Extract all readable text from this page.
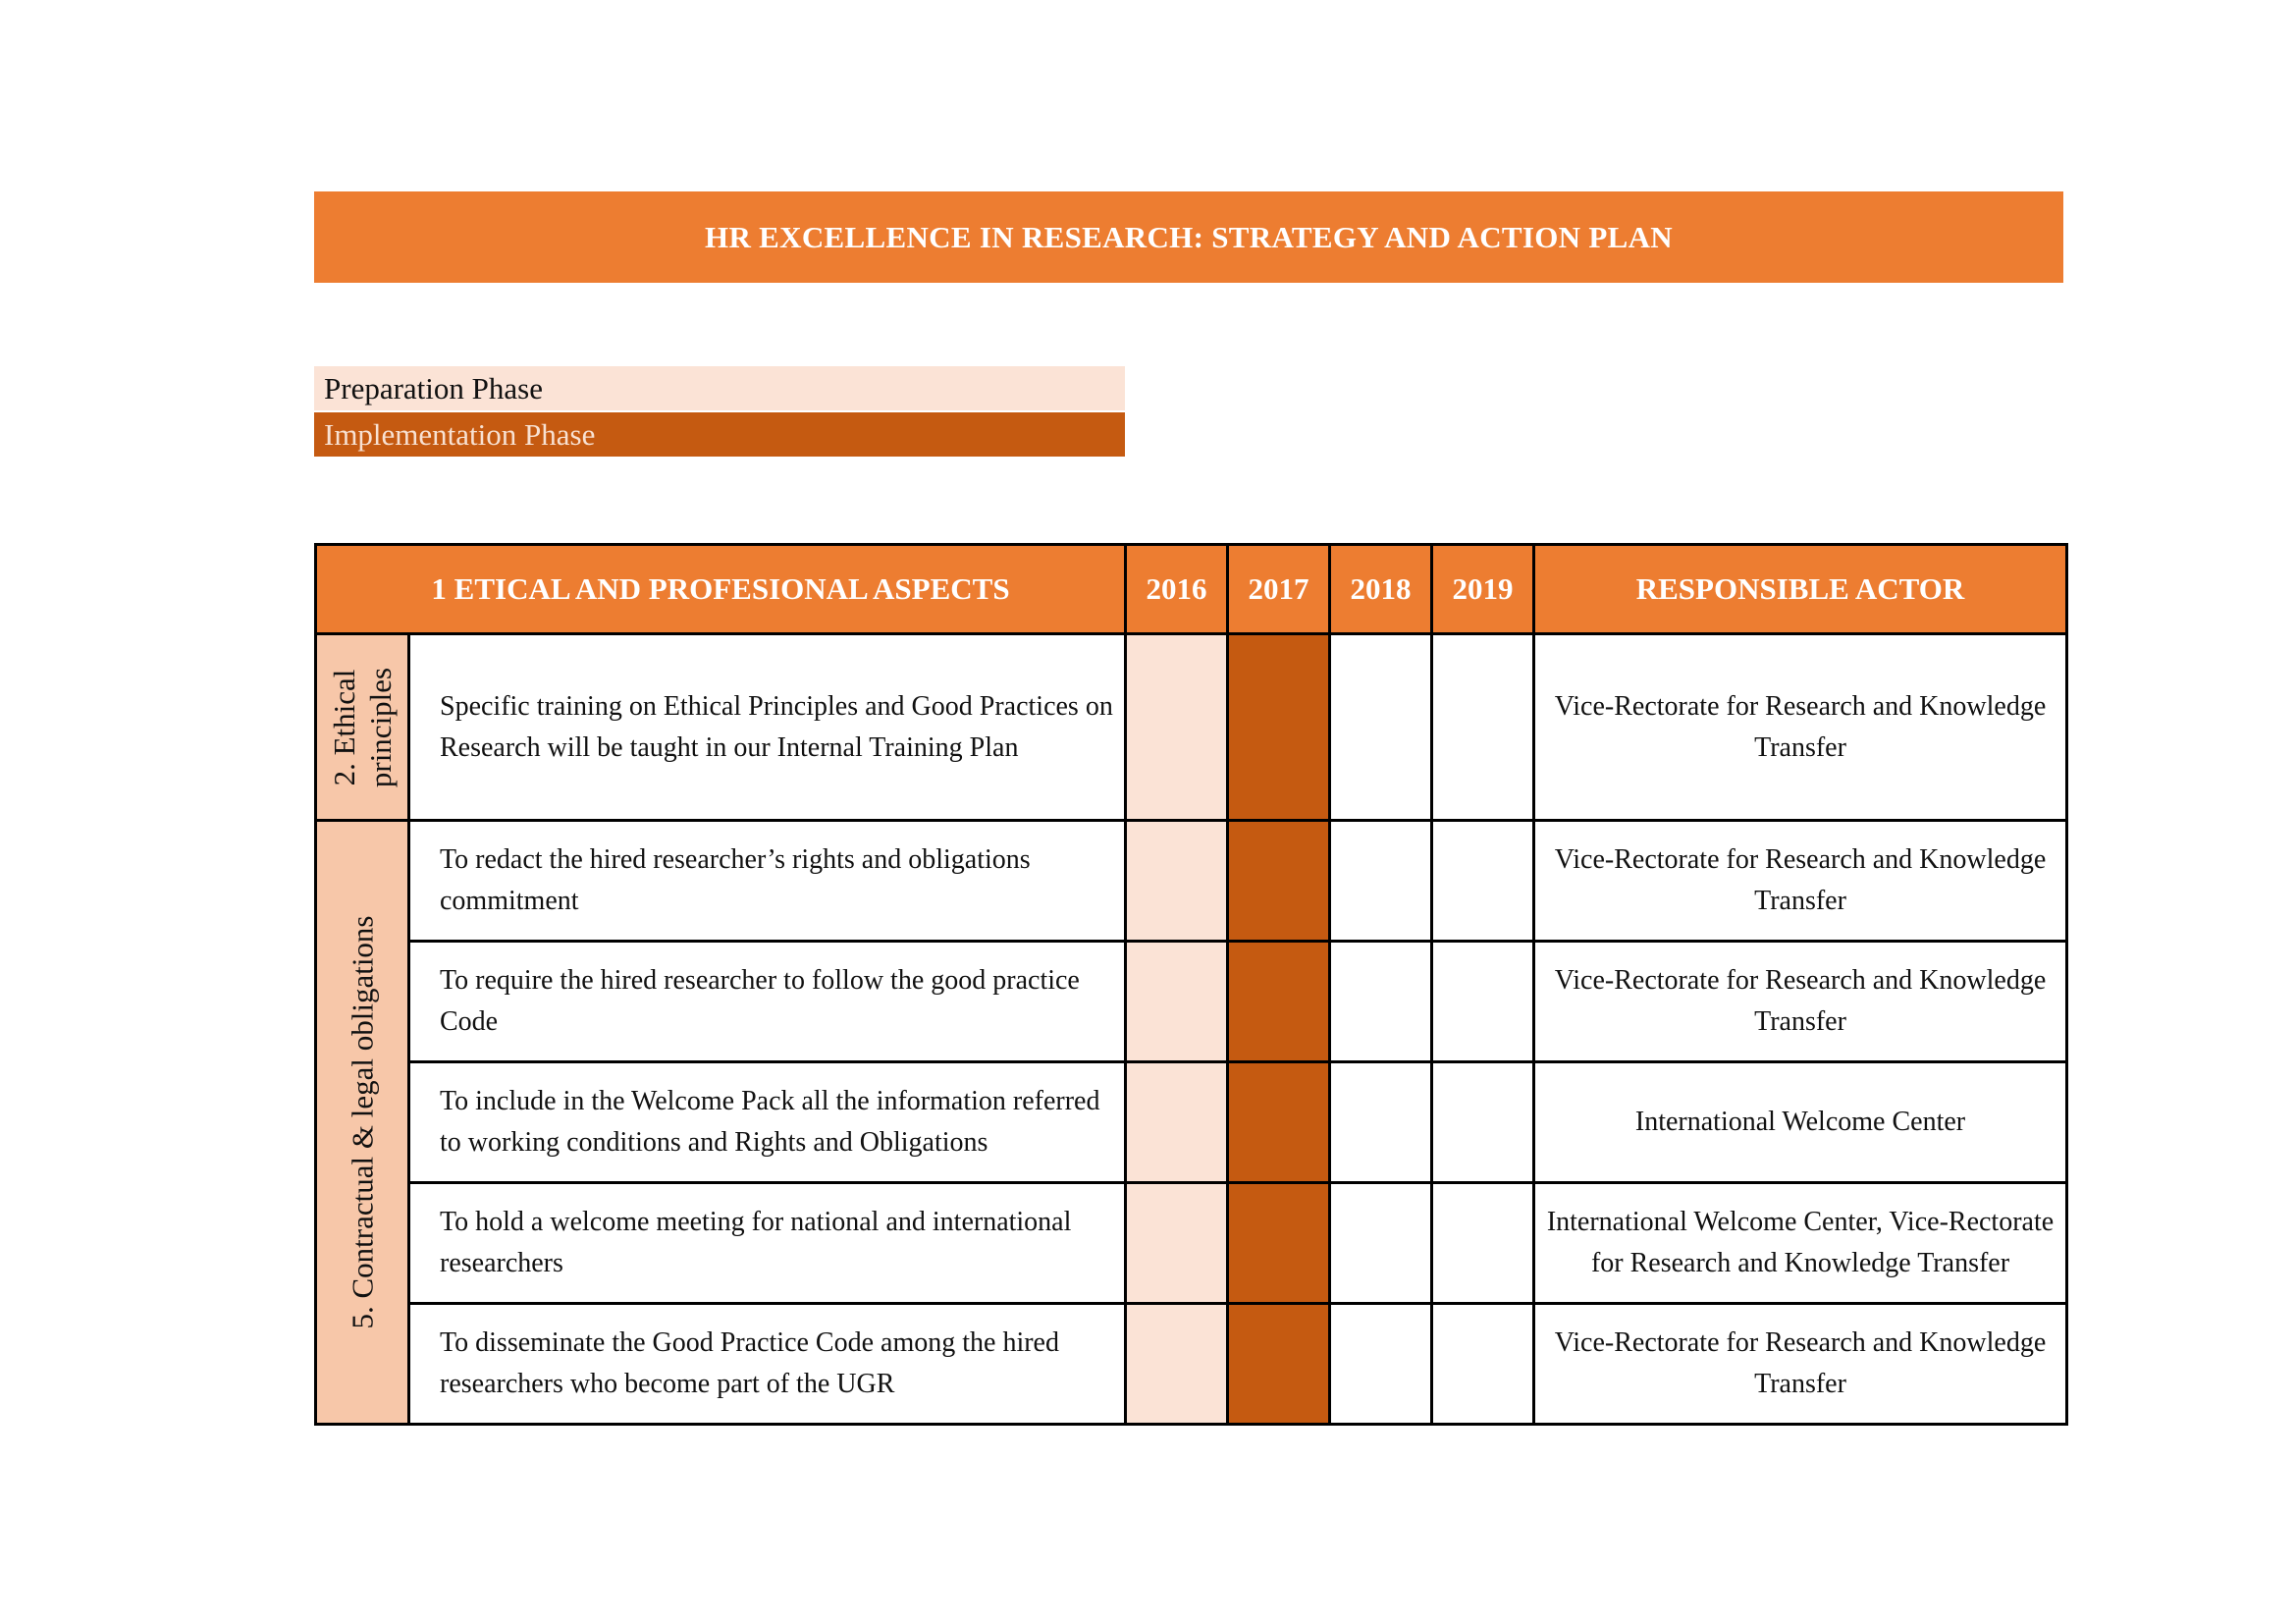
HR EXCELLENCE IN RESEARCH: STRATEGY AND ACTION PLAN
Preparation Phase
Implementation Phase
1 ETICAL AND PROFESIONAL ASPECTS		2016	2017	2018	2019	RESPONSIBLE ACTOR

2. Ethical
principles	Specific training on Ethical Principles and Good Practices on Research will be taught in our Internal Training Plan					Vice-Rectorate for Research and Knowledge Transfer

5. Contractual & legal obligations	To redact the hired researcher’s rights and obligations commitment					Vice-Rectorate for Research and Knowledge Transfer
	To require the hired researcher to follow the good practice Code					Vice-Rectorate for Research and Knowledge Transfer
	To include in the Welcome Pack all the information referred to working conditions and Rights and Obligations					International Welcome Center
	To hold a welcome meeting for national and international researchers					International Welcome Center, Vice-Rectorate for Research and Knowledge Transfer
	To disseminate the Good Practice Code among the hired researchers who become part of the UGR					Vice-Rectorate for Research and Knowledge Transfer
